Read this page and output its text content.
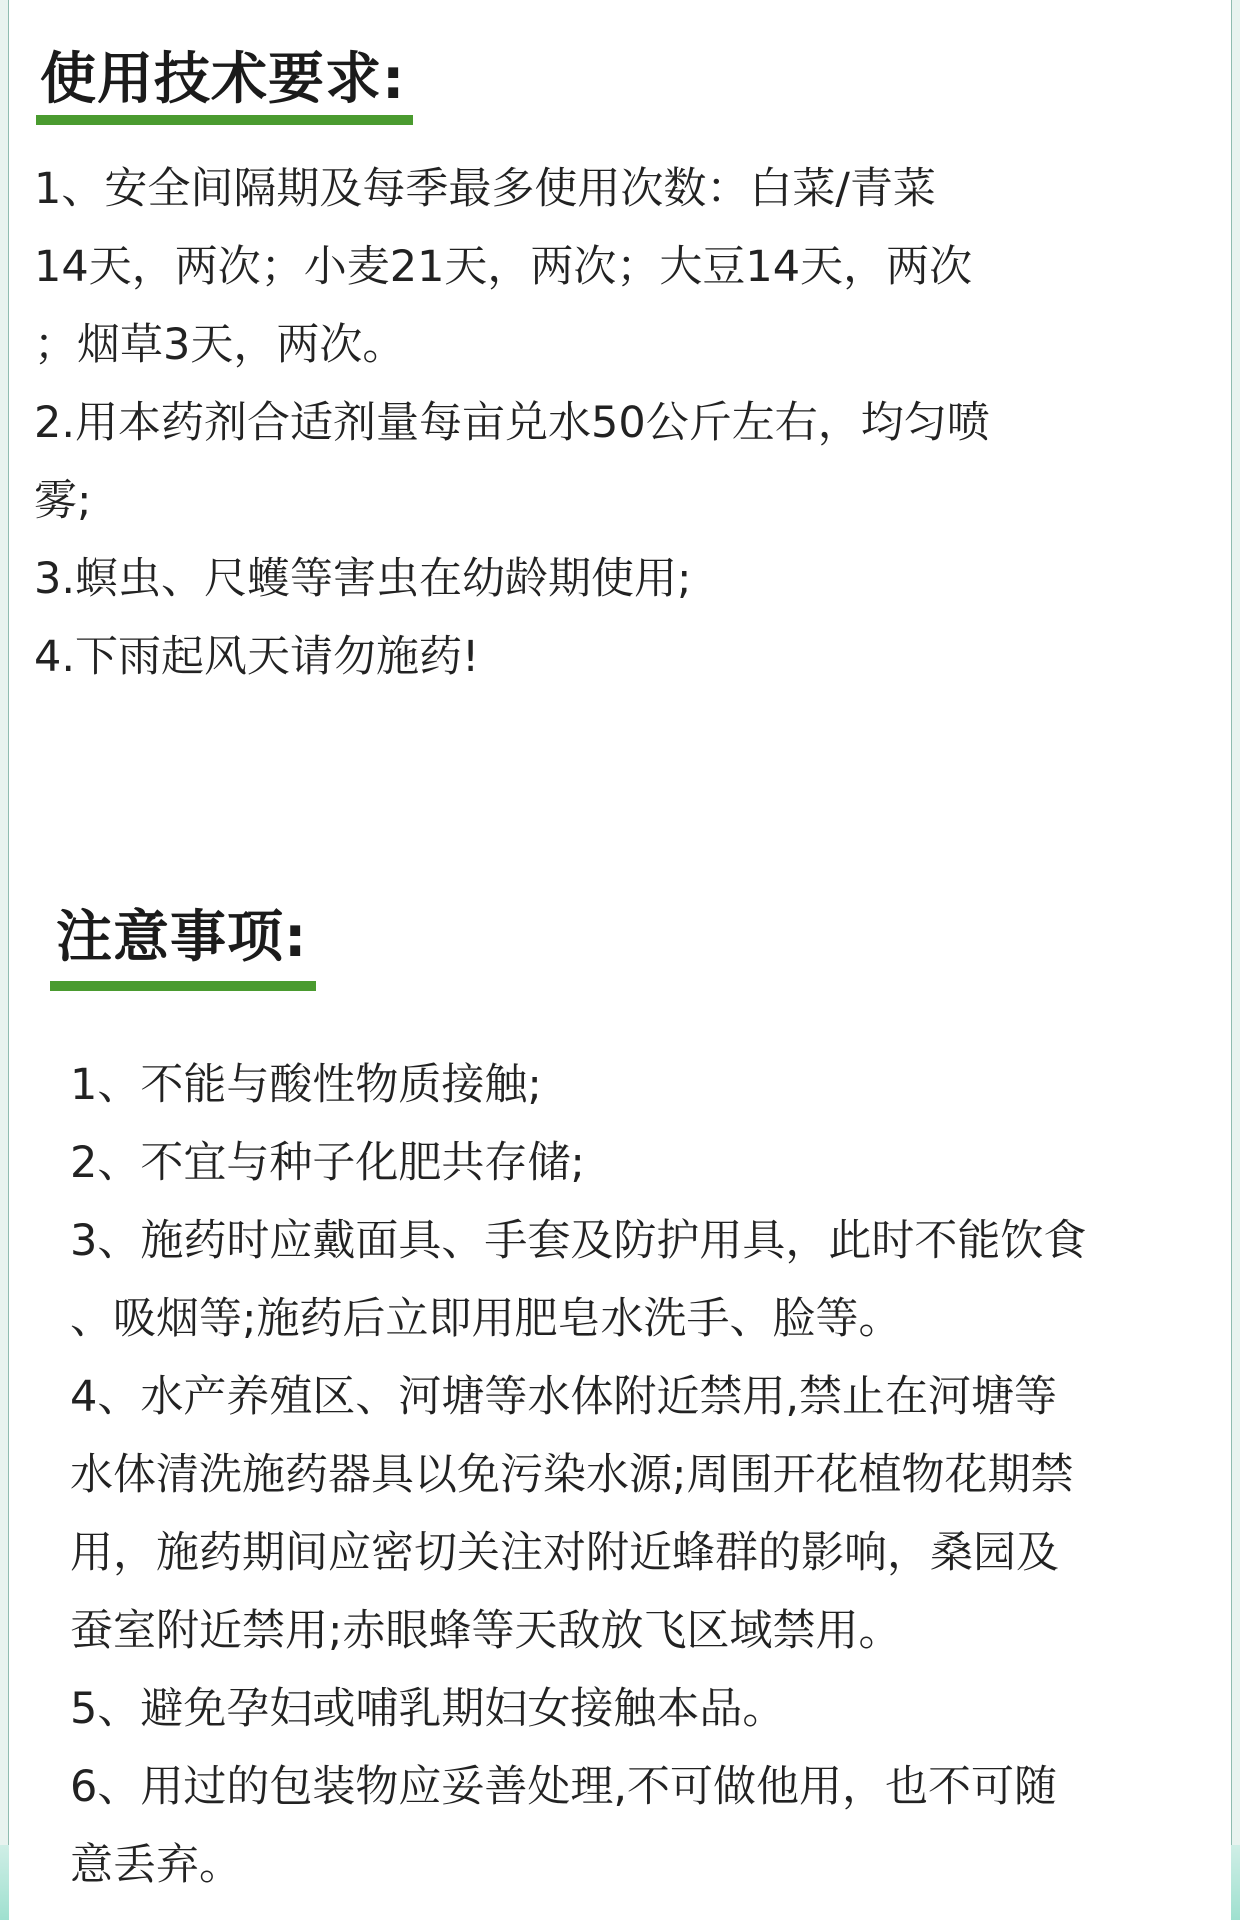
使用技术要求:
1、安全间隔期及每季最多使用次数：白菜/青菜
14天，两次；小麦21天，两次；大豆14天，两次
；烟草3天，两次。
2.用本药剂合适剂量每亩兑水50公斤左右，均匀喷
雾;
3.螟虫、尺蠖等害虫在幼龄期使用;
4.下雨起风天请勿施药!
注意事项:
1、不能与酸性物质接触;
2、不宜与种子化肥共存储;
3、施药时应戴面具、手套及防护用具，此时不能饮食
、吸烟等;施药后立即用肥皂水洗手、脸等。
4、水产养殖区、河塘等水体附近禁用,禁止在河塘等
水体清洗施药器具以免污染水源;周围开花植物花期禁
用，施药期间应密切关注对附近蜂群的影响，桑园及
蚕室附近禁用;赤眼蜂等天敌放飞区域禁用。
5、避免孕妇或哺乳期妇女接触本品。
6、用过的包装物应妥善处理,不可做他用，也不可随
意丢弃。
